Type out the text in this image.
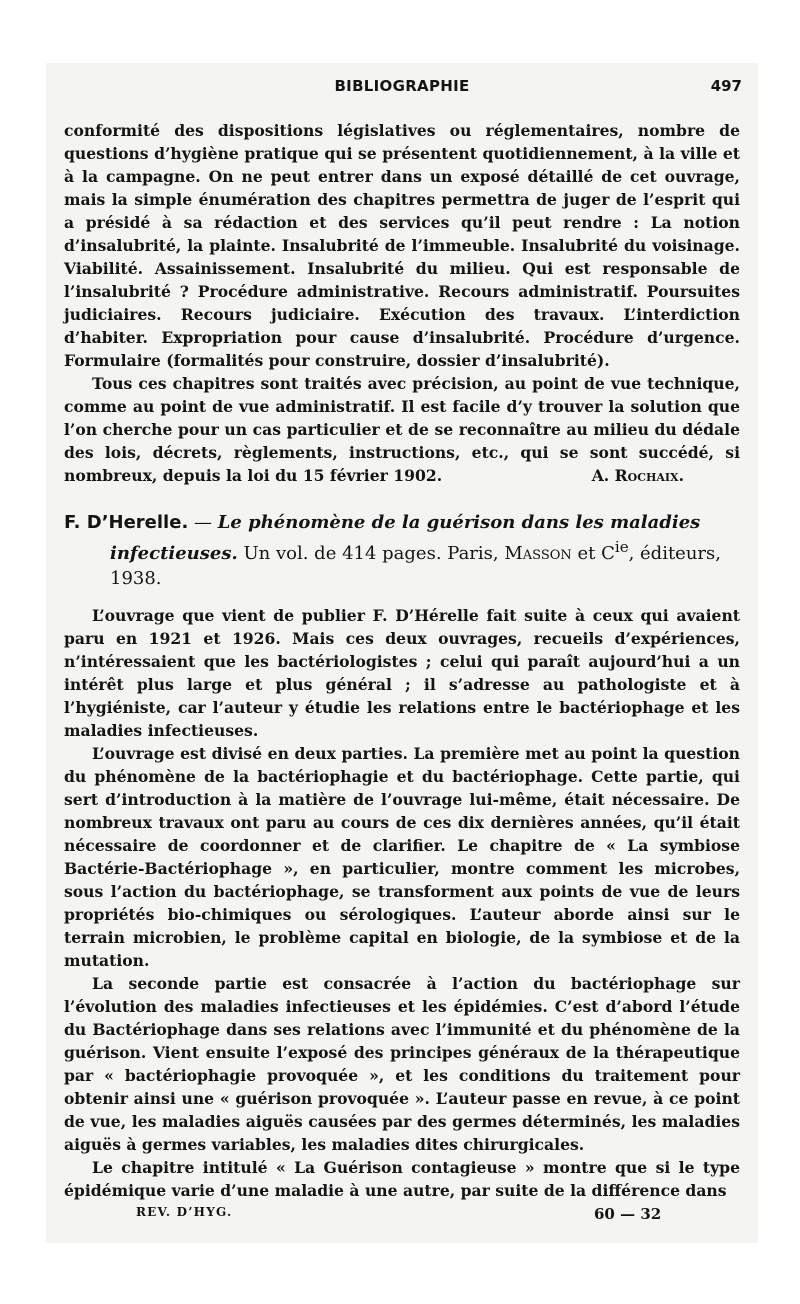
BIBLIOGRAPHIE	497

conformité des dispositions législatives ou réglementaires, nombre de questions d’hygiène pratique qui se présentent quotidiennement, à la ville et à la campagne. On ne peut entrer dans un exposé détaillé de cet ouvrage, mais la simple énumération des chapitres permettra de juger de l’esprit qui a présidé à sa rédaction et des services qu’il peut rendre : La notion d’insalubrité, la plainte. Insalubrité de l’immeuble. Insalubrité du voisinage. Viabilité. Assainissement. Insalubrité du milieu. Qui est responsable de l’insalubrité ? Procédure administrative. Recours administratif. Poursuites judiciaires. Recours judiciaire. Exécution des travaux. L’interdiction d’habiter. Expropriation pour cause d’insalubrité. Procédure d’urgence. Formulaire (formalités pour construire, dossier d’insalubrité).

Tous ces chapitres sont traités avec précision, au point de vue technique, comme au point de vue administratif. Il est facile d’y trouver la solution que l’on cherche pour un cas particulier et de se reconnaître au milieu du dédale des lois, décrets, règlements, instructions, etc., qui se sont succédé, si nombreux, depuis la loi du 15 février 1902.	A. Rochaix.

F. D’Herelle. — Le phénomène de la guérison dans les maladies infectieuses. Un vol. de 414 pages. Paris, Masson et $C^{ie}$, éditeurs, 1938.

L’ouvrage que vient de publier F. D’Hérelle fait suite à ceux qui avaient paru en 1921 et 1926. Mais ces deux ouvrages, recueils d’expériences, n’intéressaient que les bactériologistes ; celui qui paraît aujourd’hui a un intérêt plus large et plus général ; il s’adresse au pathologiste et à l’hygiéniste, car l’auteur y étudie les relations entre le bactériophage et les maladies infectieuses.

L’ouvrage est divisé en deux parties. La première met au point la question du phénomène de la bactériophagie et du bactériophage. Cette partie, qui sert d’introduction à la matière de l’ouvrage lui-même, était nécessaire. De nombreux travaux ont paru au cours de ces dix dernières années, qu’il était nécessaire de coordonner et de clarifier. Le chapitre de « La symbiose Bactérie-Bactériophage », en particulier, montre comment les microbes, sous l’action du bactériophage, se transforment aux points de vue de leurs propriétés bio-chimiques ou sérologiques. L’auteur aborde ainsi sur le terrain microbien, le problème capital en biologie, de la symbiose et de la mutation.

La seconde partie est consacrée à l’action du bactériophage sur l’évolution des maladies infectieuses et les épidémies. C’est d’abord l’étude du Bactériophage dans ses relations avec l’immunité et du phénomène de la guérison. Vient ensuite l’exposé des principes généraux de la thérapeutique par « bactériophagie provoquée », et les conditions du traitement pour obtenir ainsi une « guérison provoquée ». L’auteur passe en revue, à ce point de vue, les maladies aiguës causées par des germes déterminés, les maladies aiguës à germes variables, les maladies dites chirurgicales.

Le chapitre intitulé « La Guérison contagieuse » montre que si le type épidémique varie d’une maladie à une autre, par suite de la différence dans

REV. D’HYG.	60 — 32
